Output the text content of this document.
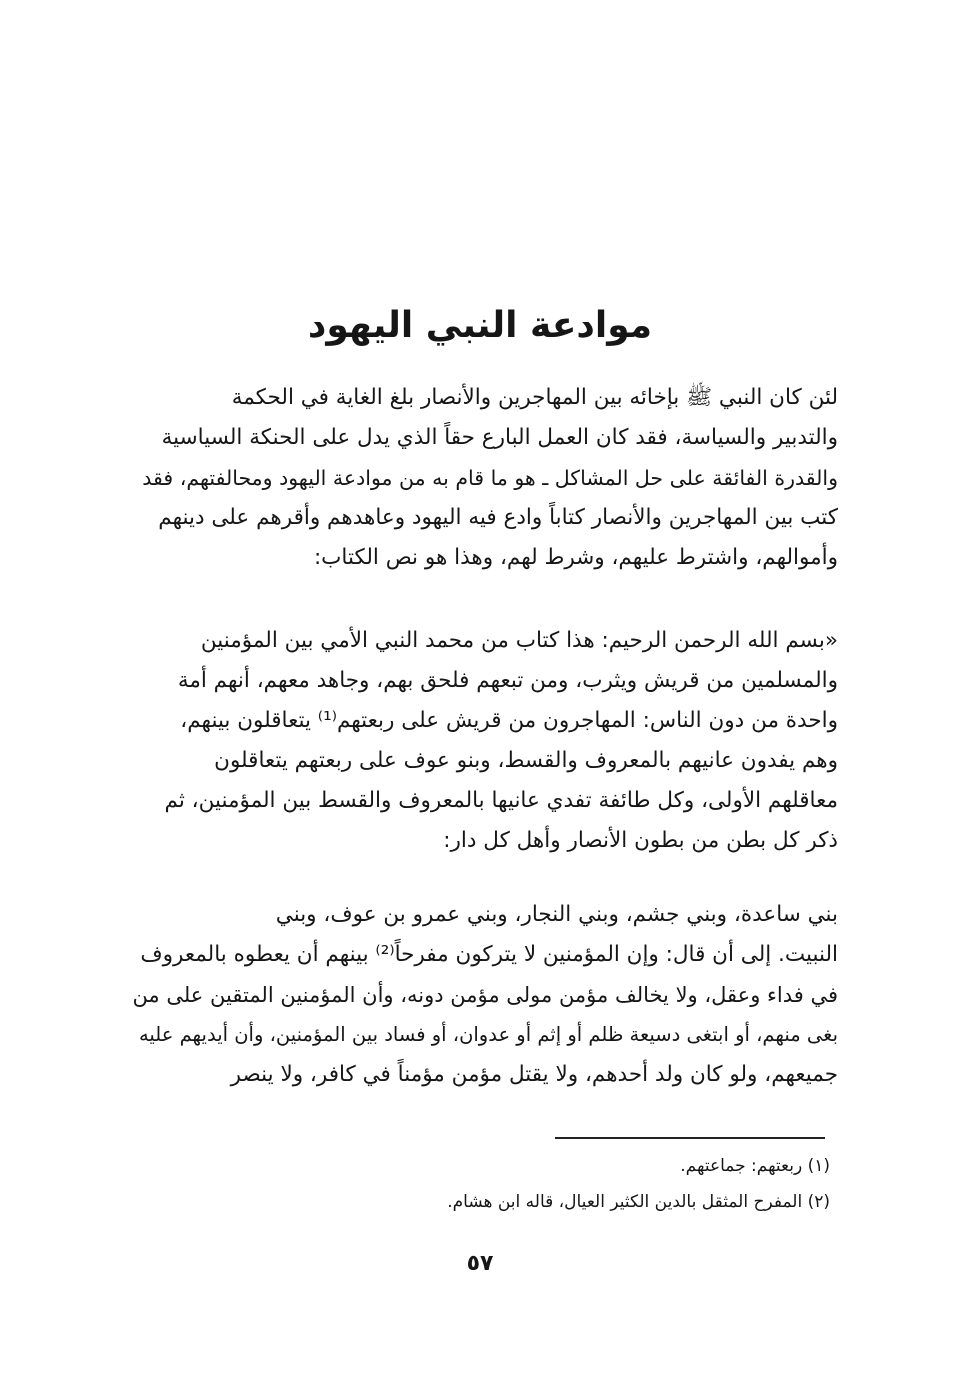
موادعة النبي اليهود

لئن كان النبي ﷺ بإخائه بين المهاجرين والأنصار بلغ الغاية في الحكمة
والتدبير والسياسة، فقد كان العمل البارع حقاً الذي يدل على الحنكة السياسية
والقدرة الفائقة على حل المشاكل ـ هو ما قام به من موادعة اليهود ومحالفتهم، فقد
كتب بين المهاجرين والأنصار كتاباً وادع فيه اليهود وعاهدهم وأقرهم على دينهم
وأموالهم، واشترط عليهم، وشرط لهم، وهذا هو نص الكتاب:

«بسم الله الرحمن الرحيم: هذا كتاب من محمد النبي الأمي بين المؤمنين
والمسلمين من قريش ويثرب، ومن تبعهم فلحق بهم، وجاهد معهم، أنهم أمة
واحدة من دون الناس: المهاجرون من قريش على ربعتهم⁽¹⁾ يتعاقلون بينهم،
وهم يفدون عانيهم بالمعروف والقسط، وبنو عوف على ربعتهم يتعاقلون
معاقلهم الأولى، وكل طائفة تفدي عانيها بالمعروف والقسط بين المؤمنين، ثم
ذكر كل بطن من بطون الأنصار وأهل كل دار:

بني ساعدة، وبني جشم، وبني النجار، وبني عمرو بن عوف، وبني
النبيت. إلى أن قال: وإن المؤمنين لا يتركون مفرحاً⁽²⁾ بينهم أن يعطوه بالمعروف
في فداء وعقل، ولا يخالف مؤمن مولى مؤمن دونه، وأن المؤمنين المتقين على من
بغى منهم، أو ابتغى دسيعة ظلم أو إثم أو عدوان، أو فساد بين المؤمنين، وأن أيديهم عليه
جميعهم، ولو كان ولد أحدهم، ولا يقتل مؤمن مؤمناً في كافر، ولا ينصر

(١) ربعتهم: جماعتهم.
(٢) المفرح المثقل بالدين الكثير العيال، قاله ابن هشام.
٥٧
